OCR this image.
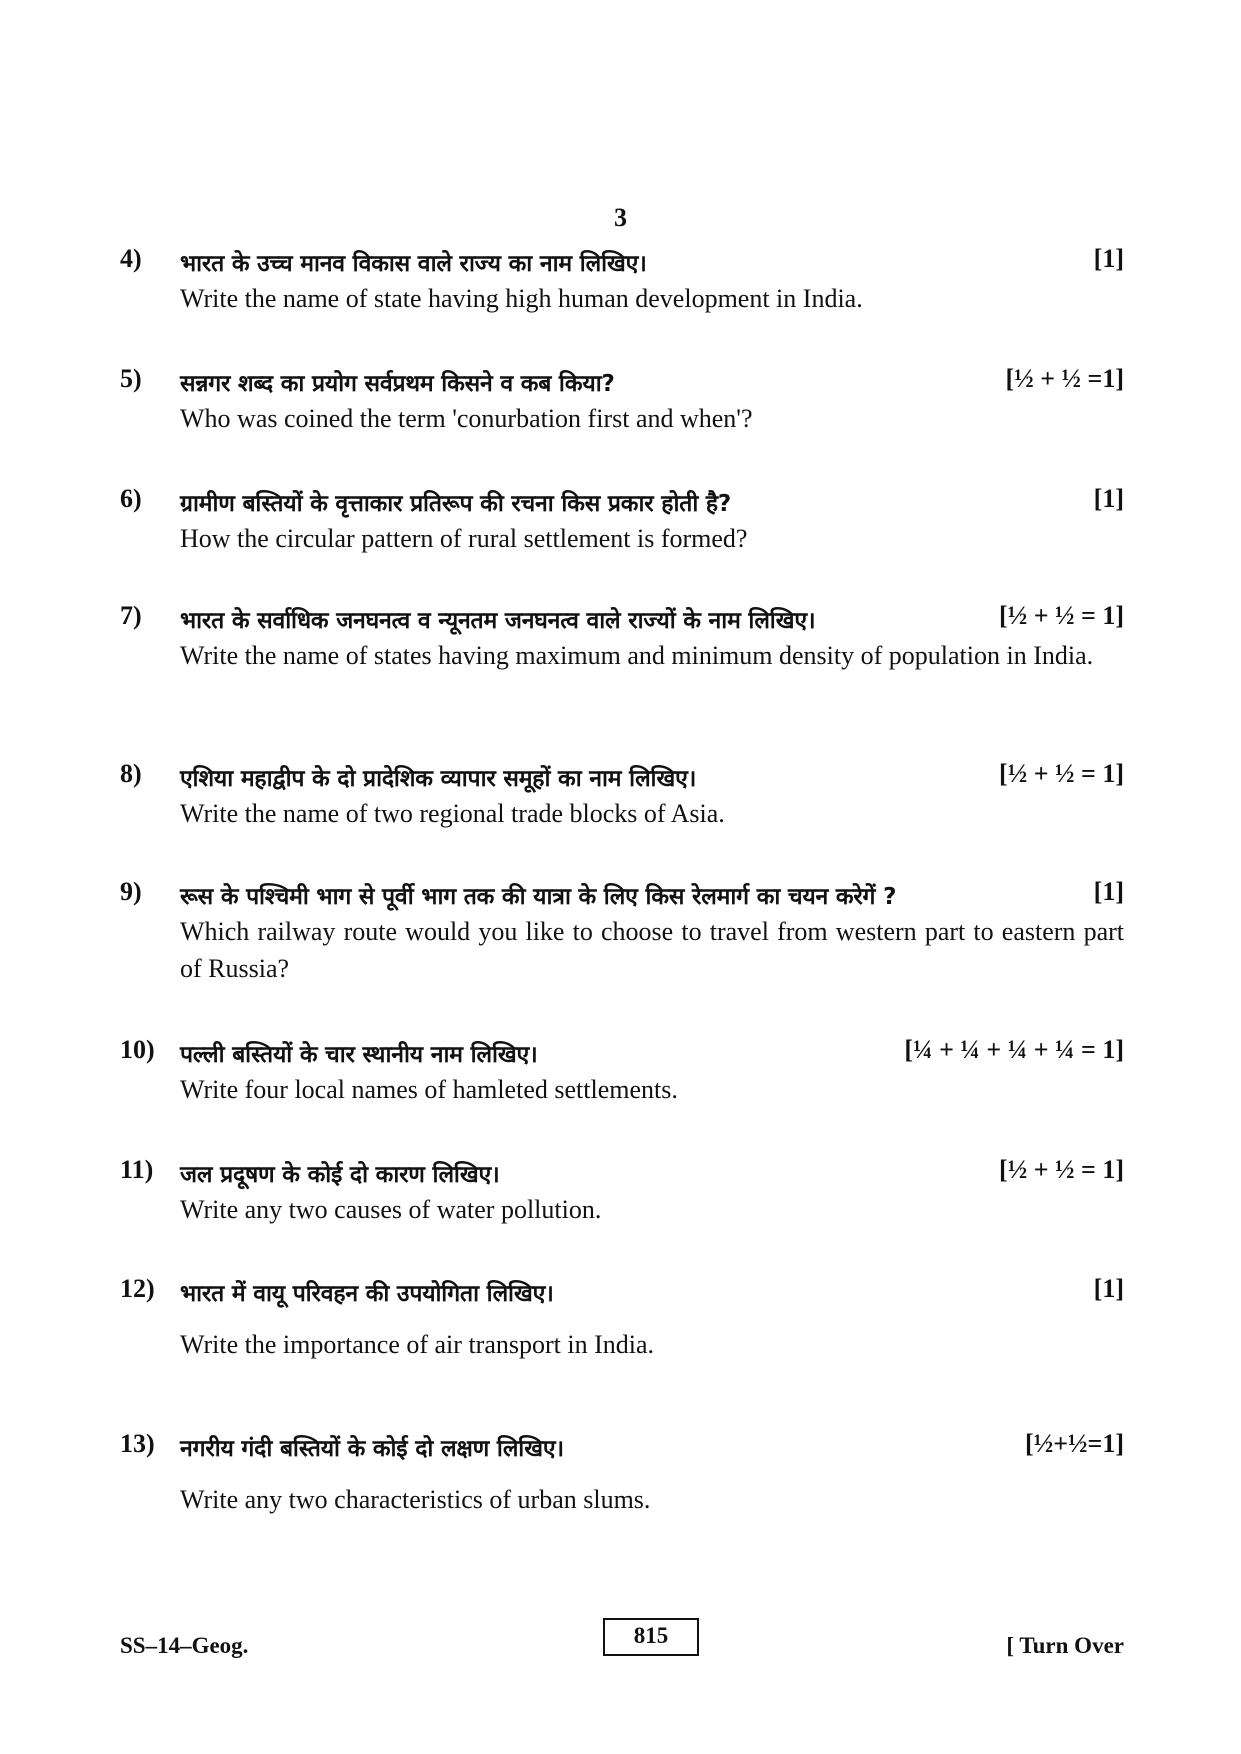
3
4) भारत के उच्च मानव विकास वाले राज्य का नाम लिखिए।	[1]
Write the name of state having high human development in India.
5) सन्नगर शब्द का प्रयोग सर्वप्रथम किसने व कब किया?	[½ + ½ =1]
Who was coined the term 'conurbation first and when'?
6) ग्रामीण बस्तियों के वृत्ताकार प्रतिरूप की रचना किस प्रकार होती है?	[1]
How the circular pattern of rural settlement is formed?
7) भारत के सर्वाधिक जनघनत्व व न्यूनतम जनघनत्व वाले राज्यों के नाम लिखिए।	[½ + ½ = 1]
Write the name of states having maximum and minimum density of population in India.
8) एशिया महाद्वीप के दो प्रादेशिक व्यापार समूहों का नाम लिखिए।	[½ + ½ = 1]
Write the name of two regional trade blocks of Asia.
9) रूस के पश्चिमी भाग से पूर्वी भाग तक की यात्रा के लिए किस रेलमार्ग का चयन करेगें ?	[1]
Which railway route would you like to choose to travel from western part to eastern part of Russia?
10) पल्ली बस्तियों के चार स्थानीय नाम लिखिए।	[¼ + ¼ + ¼ + ¼ = 1]
Write four local names of hamleted settlements.
11) जल प्रदूषण के कोई दो कारण लिखिए।	[½ + ½ = 1]
Write any two causes of water pollution.
12) भारत में वायू परिवहन की उपयोगिता लिखिए।	[1]
Write the importance of air transport in India.
13) नगरीय गंदी बस्तियों के कोई दो लक्षण लिखिए।	[½+½=1]
Write any two characteristics of urban slums.
SS–14–Geog.	815	[ Turn Over
